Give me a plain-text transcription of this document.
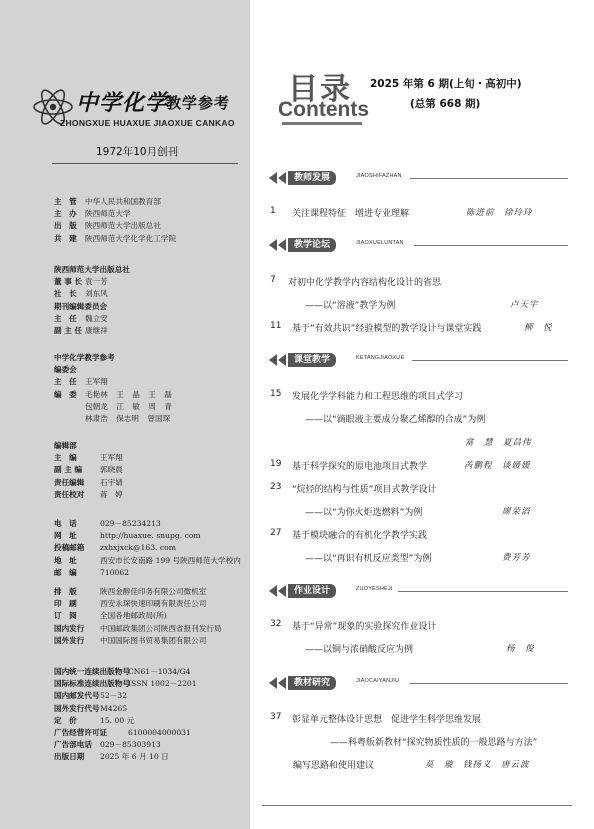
中学化学
教学参考
ZHONGXUE HUAXUE JIAOXUE CANKAO
1972年10月创刊
主　管	中华人民共和国教育部
主　办	陕西师范大学
出　版	陕西师范大学出版总社
共　建	陕西师范大学化学化工学院
陕西师范大学出版总社
董 事 长 袁一芳
社　长	刘东风
期刊编辑委员会
主　任	魏立安
副 主 任 康继祥
中学化学教学参考
编委会
主　任	王军翔
编　委	毛艳林 王 晶 王 磊
包朝龙 江 敏 周 青
林肃浩 保志明 曾国琛
编辑部
主　编	王军翔
副 主 编	郭晓晨
责任编辑	石宇婧
责任校对	蒋　婷
电　话	029－85234213
网　址	http://huaxue. snupg. com
投稿邮箱	zxhxjxck@163. com
地　址	西安市长安南路 199 号陕西师范大学校内
邮　编	710062
排　版	陕西金醇佳印务有限公司微机室
印　刷	西安永琛快速印刷有限责任公司
订　阅	全国各地邮政局(所)
国内发行	中国邮政集团公司陕西省报刊发行局
国外发行	中国国际图书贸易集团有限公司
国内统一连续出版物号
CN61－1034/G4
国际标准连续出版物号
ISSN 1002－2201
国内邮发代号 52－32
国外发行代号 M4265
定　价	15. 00 元
广告经营许可证	6100004000031
广告部电话	029－85303913
出版日期	2025 年 6 月 10 日
目录
Contents
2025 年第 6 期(上旬・高初中)
(总第 668 期)
教师发展	JIAOSHIFAZHAN
1 关注课程特征　增进专业理解	陈进前　徐玲玲
教学论坛	JIAOXUELUNTAN
7 对初中化学教学内容结构化设计的省思
——以“溶液”教学为例	卢天宇
11 基于“有效共识”经验模型的教学设计与课堂实践	柳　悦
课堂教学	KETANGJIAOXUE
15 发展化学学科能力和工程思维的项目式学习
——以“滴眼液主要成分聚乙烯醇的合成”为例
富　慧　夏昌伟
19 基于科学探究的原电池项目式教学	芮鹏程　谈媛媛
23 “烷烃的结构与性质”项目式教学设计
——以“为你火炬选燃料”为例	廖荣滔
27 基于模块融合的有机化学教学实践
——以“再识有机反应类型”为例	费芳芳
作业设计	ZUOYESHEJI
32 基于“异常”现象的实验探究作业设计
——以铜与浓硝酸反应为例	杨　俊
教材研究	JIAOCAIYANJIU
37 彰显单元整体设计思想　促进学生科学思维发展
——科粤版新教材“探究物质性质的一般思路与方法”
编写思路和使用建议	莫　璇　钱扬义　唐云波
